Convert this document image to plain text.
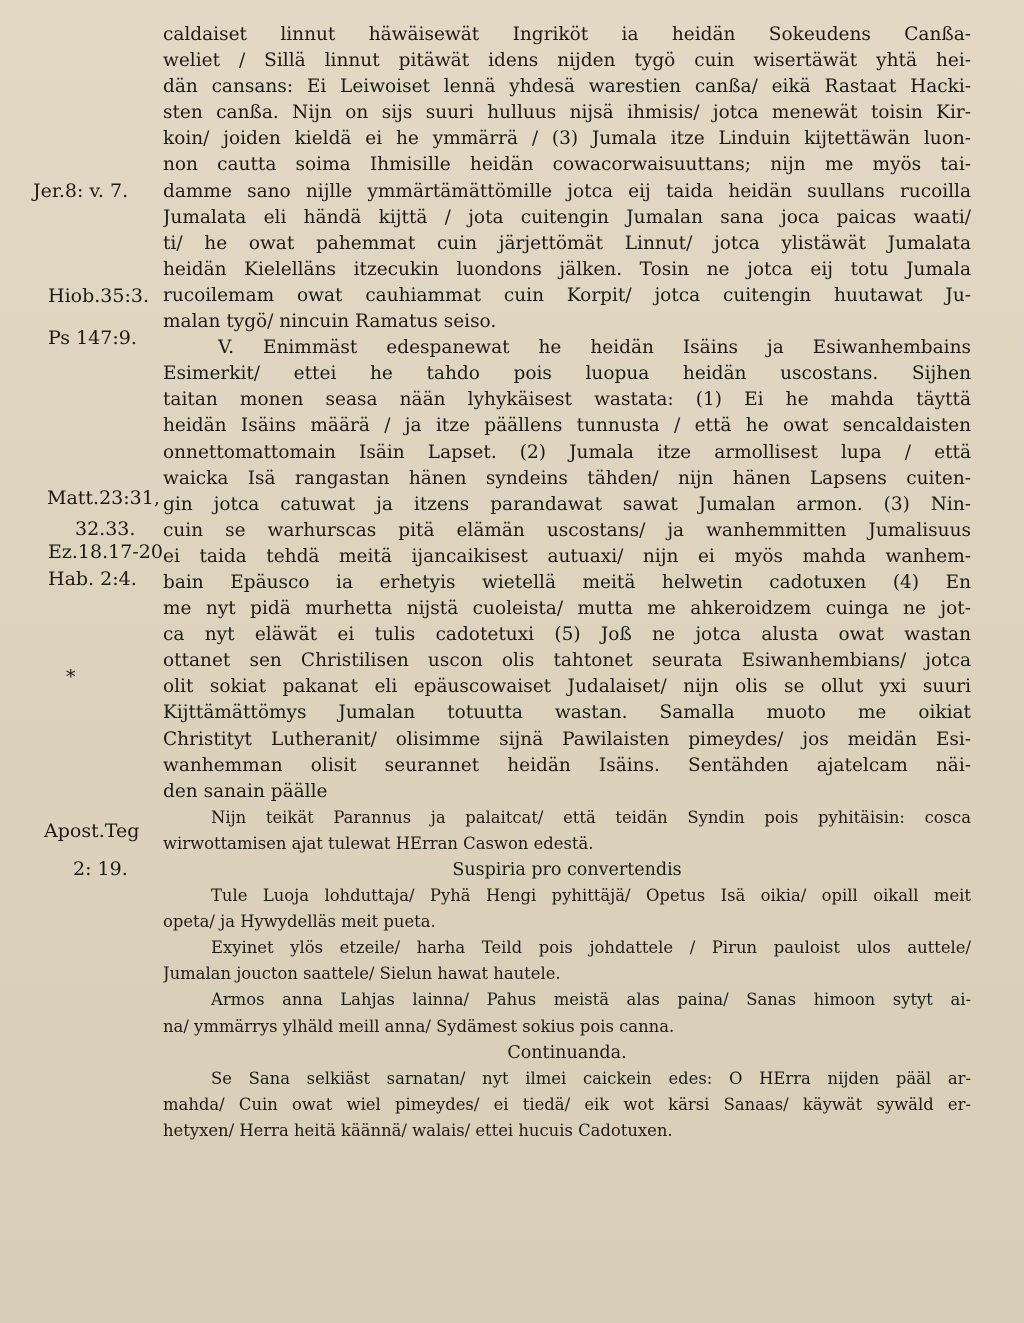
Jer.8: v. 7.
Hiob.35:3.
Ps 147:9.
Matt.23:31,
32.33.
Ez.18.17-20
Hab. 2:4.
*
Apost.Teg
2: 19.
caldaiset linnut häwäisewät Ingriköt ia heidän Sokeudens Canßa-
weliet / Sillä linnut pitäwät idens nijden tygö cuin wisertäwät yhtä hei-
dän cansans: Ei Leiwoiset lennä yhdesä warestien canßa/ eikä Rastaat Hacki-
sten canßa. Nijn on sijs suuri hulluus nijsä ihmisis/ jotca menewät toisin Kir-
koin/ joiden kieldä ei he ymmärrä / (3) Jumala itze Linduin kijtettäwän luon-
non cautta soima Ihmisille heidän cowacorwaisuuttans; nijn me myös tai-
damme sano nijlle ymmärtämättömille jotca eij taida heidän suullans rucoilla
Jumalata eli händä kijttä / jota cuitengin Jumalan sana joca paicas waati/
ti/ he owat pahemmat cuin järjettömät Linnut/ jotca ylistäwät Jumalata
heidän Kielelläns itzecukin luondons jälken. Tosin ne jotca eij totu Jumala
rucoilemam owat cauhiammat cuin Korpit/ jotca cuitengin huutawat Ju-
malan tygö/ nincuin Ramatus seiso.
V. Enimmäst edespanewat he heidän Isäins ja Esiwanhembains
Esimerkit/ ettei he tahdo pois luopua heidän uscostans. Sijhen
taitan monen seasa nään lyhykäisest wastata: (1) Ei he mahda täyttä
heidän Isäins määrä / ja itze päällens tunnusta / että he owat sencaldaisten
onnettomattomain Isäin Lapset. (2) Jumala itze armollisest lupa / että
waicka Isä rangastan hänen syndeins tähden/ nijn hänen Lapsens cuiten-
gin jotca catuwat ja itzens parandawat sawat Jumalan armon. (3) Nin-
cuin se warhurscas pitä elämän uscostans/ ja wanhemmitten Jumalisuus
ei taida tehdä meitä ijancaikisest autuaxi/ nijn ei myös mahda wanhem-
bain Epäusco ia erhetyis wietellä meitä helwetin cadotuxen (4) En
me nyt pidä murhetta nijstä cuoleista/ mutta me ahkeroidzem cuinga ne jot-
ca nyt eläwät ei tulis cadotetuxi (5) Joß ne jotca alusta owat wastan
ottanet sen Christilisen uscon olis tahtonet seurata Esiwanhembians/ jotca
olit sokiat pakanat eli epäuscowaiset Judalaiset/ nijn olis se ollut yxi suuri
Kijttämättömys Jumalan totuutta wastan. Samalla muoto me oikiat
Christityt Lutheranit/ olisimme sijnä Pawilaisten pimeydes/ jos meidän Esi-
wanhemman olisit seurannet heidän Isäins. Sentähden ajatelcam näi-
den sanain päälle
Nijn teikät Parannus ja palaitcat/ että teidän Syndin pois pyhitäisin: cosca
wirwottamisen ajat tulewat HErran Caswon edestä.
Suspiria pro convertendis
Tule Luoja lohduttaja/ Pyhä Hengi pyhittäjä/ Opetus Isä oikia/ opill oikall meit
opeta/ ja Hywydelläs meit pueta.
Exyinet ylös etzeile/ harha Teild pois johdattele / Pirun pauloist ulos auttele/
Jumalan joucton saattele/ Sielun hawat hautele.
Armos anna Lahjas lainna/ Pahus meistä alas paina/ Sanas himoon sytyt ai-
na/ ymmärrys ylhäld meill anna/ Sydämest sokius pois canna.
Continuanda.
Se Sana selkiäst sarnatan/ nyt ilmei caickein edes: O HErra nijden pääl ar-
mahda/ Cuin owat wiel pimeydes/ ei tiedä/ eik wot kärsi Sanaas/ käywät sywäld er-
hetyxen/ Herra heitä käännä/ walais/ ettei hucuis Cadotuxen.
